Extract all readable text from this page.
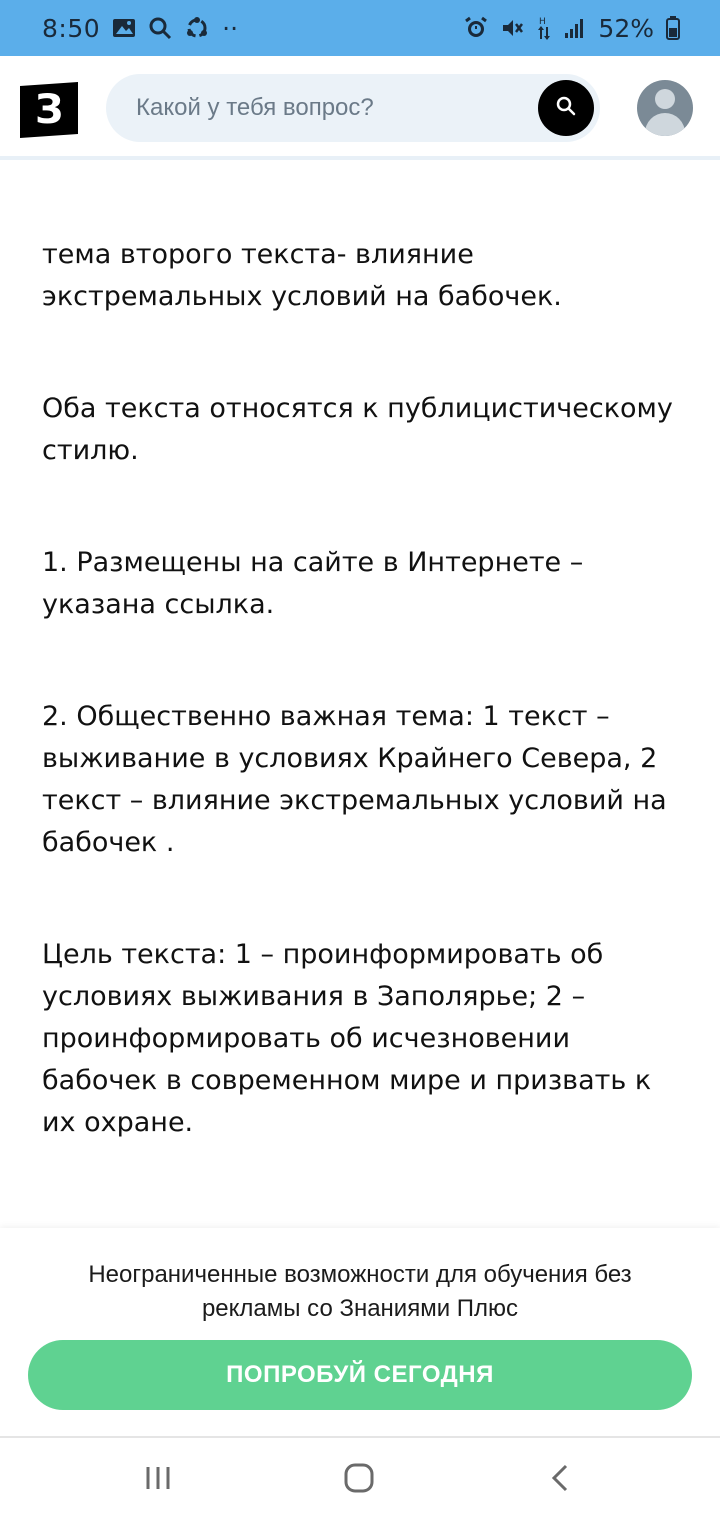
8:50	··	H 52%
З
Какой у тебя вопрос?

тема второго текста- влияние экстремальных условий на бабочек.

Оба текста относятся к публицистическому стилю.

1. Размещены на сайте в Интернете – указана ссылка.

2. Общественно важная тема: 1 текст – выживание в условиях Крайнего Севера, 2 текст – влияние экстремальных условий на бабочек .

Цель текста: 1 – проинформировать об условиях выживания в Заполярье; 2 – проинформировать об исчезновении бабочек в современном мире и призвать к их охране.

Неограниченные возможности для обучения без рекламы со Знаниями Плюс
ПОПРОБУЙ СЕГОДНЯ
